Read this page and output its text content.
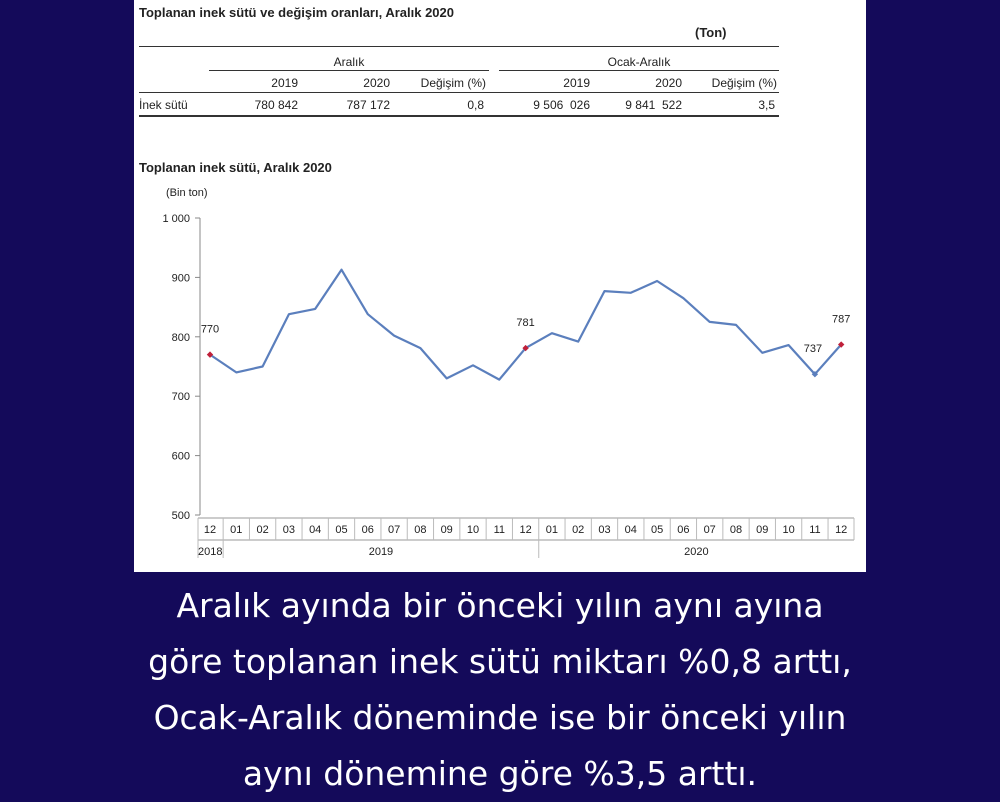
Toplanan inek sütü ve değişim oranları, Aralık 2020
(Ton)
Aralık	Ocak-Aralık
2019	2020	Değişim (%)	2019	2020	Değişim (%)
İnek sütü	780 842	787 172	0,8	9 506  026	9 841  522	3,5
Toplanan inek sütü, Aralık 2020
(Bin ton)
500
600
700
800
900
1 000
12 01 02 03 04 05 06 07 08 09 10 11 12 01 02 03 04 05 06 07 08 09 10 11 12
2018	2019	2020
770
781
737
787
Aralık ayında bir önceki yılın aynı ayına
göre toplanan inek sütü miktarı %0,8 arttı,
Ocak-Aralık döneminde ise bir önceki yılın
aynı dönemine göre %3,5 arttı.
